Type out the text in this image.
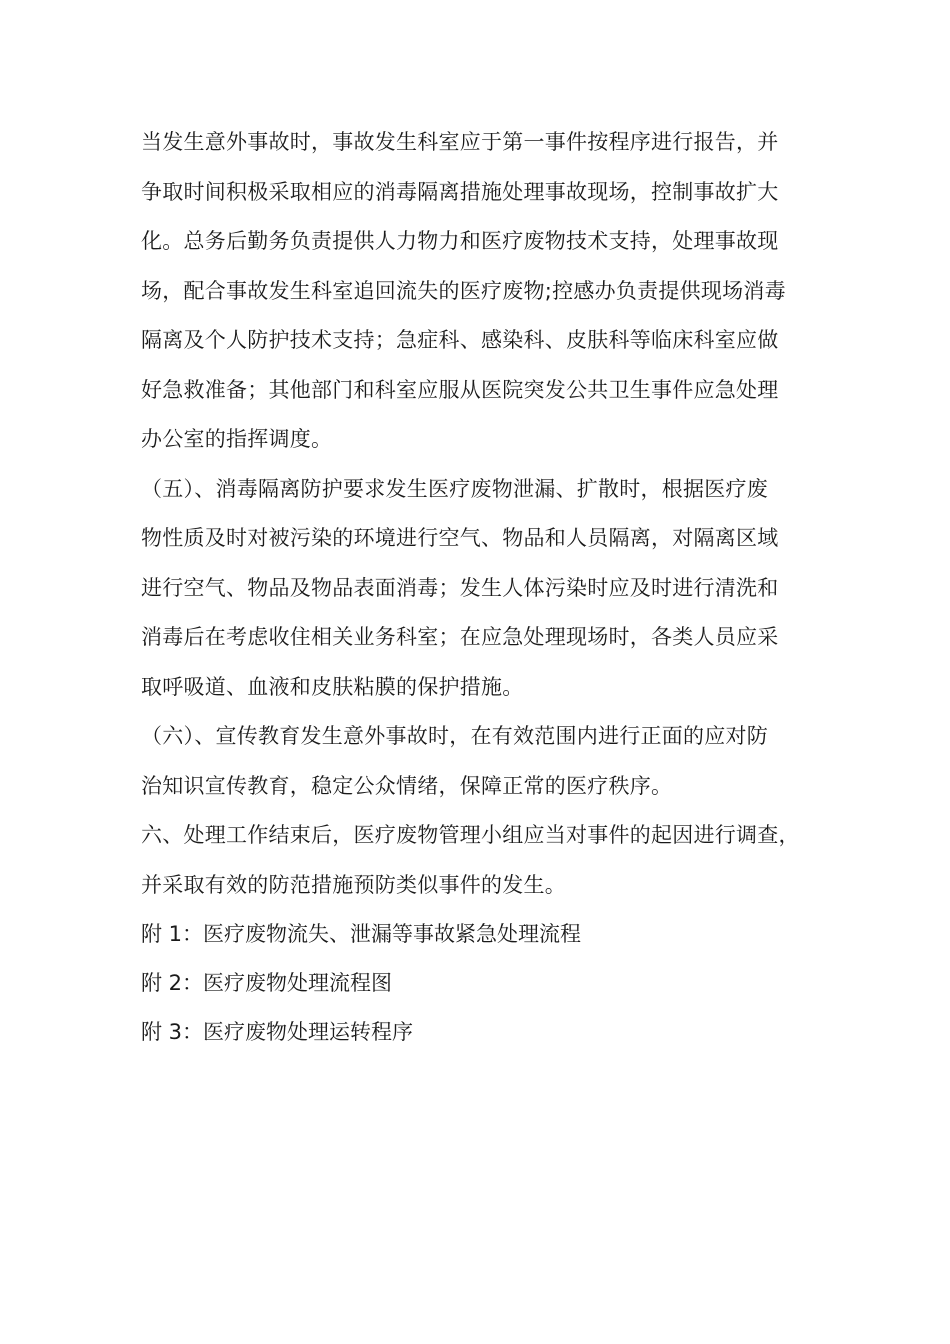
当发生意外事故时，事故发生科室应于第一事件按程序进行报告，并
争取时间积极采取相应的消毒隔离措施处理事故现场，控制事故扩大
化。总务后勤务负责提供人力物力和医疗废物技术支持，处理事故现
场，配合事故发生科室追回流失的医疗废物;控感办负责提供现场消毒
隔离及个人防护技术支持；急症科、感染科、皮肤科等临床科室应做
好急救准备；其他部门和科室应服从医院突发公共卫生事件应急处理
办公室的指挥调度。
（五）、消毒隔离防护要求发生医疗废物泄漏、扩散时，根据医疗废
物性质及时对被污染的环境进行空气、物品和人员隔离，对隔离区域
进行空气、物品及物品表面消毒；发生人体污染时应及时进行清洗和
消毒后在考虑收住相关业务科室；在应急处理现场时，各类人员应采
取呼吸道、血液和皮肤粘膜的保护措施。
（六）、宣传教育发生意外事故时，在有效范围内进行正面的应对防
治知识宣传教育，稳定公众情绪，保障正常的医疗秩序。
六、处理工作结束后，医疗废物管理小组应当对事件的起因进行调查，
并采取有效的防范措施预防类似事件的发生。
附 1：医疗废物流失、泄漏等事故紧急处理流程
附 2：医疗废物处理流程图
附 3：医疗废物处理运转程序
